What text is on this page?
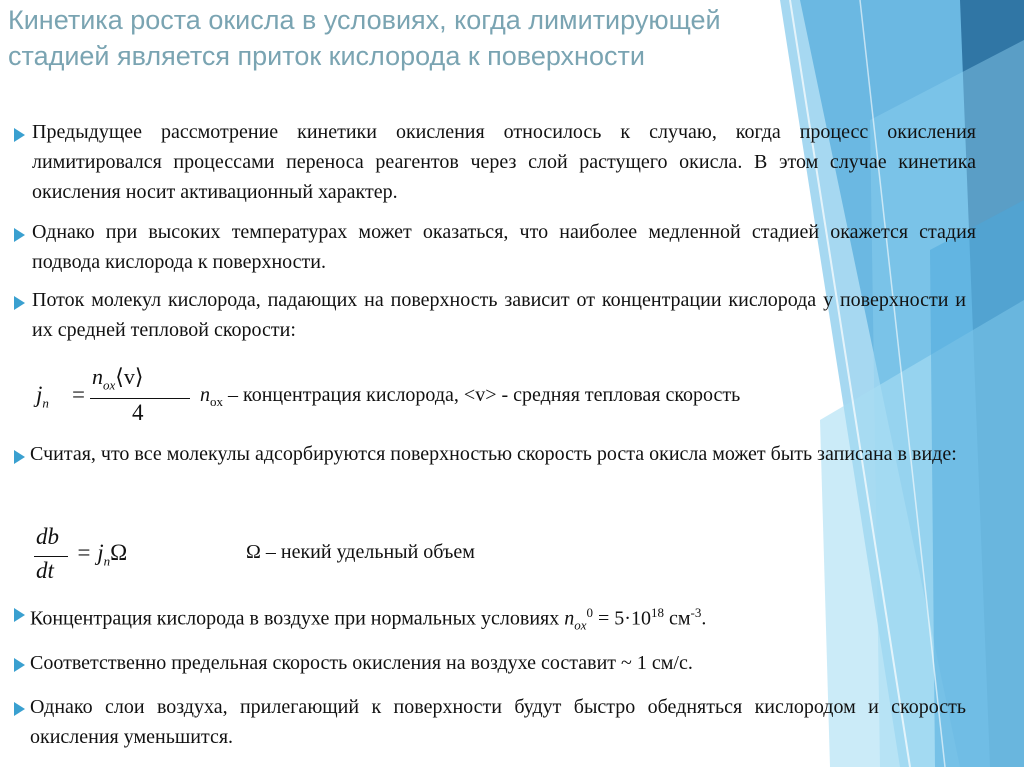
Кинетика роста окисла в условиях, когда лимитирующей стадией является приток кислорода к поверхности

Предыдущее рассмотрение кинетики окисления относилось к случаю, когда процесс окисления лимитировался процессами переноса реагентов через слой растущего окисла. В этом случае кинетика окисления носит активационный характер.

Однако при высоких температурах может оказаться, что наиболее медленной стадией окажется стадия подвода кислорода к поверхности.

Поток молекул кислорода, падающих на поверхность зависит от концентрации кислорода у поверхности и их средней тепловой скорости:

$j_n$ =
$n_{ox}⟨v⟩$
4
$n_{ox}$ – концентрация кислорода, <v> - средняя тепловая скорость

Считая, что все молекулы адсорбируются поверхностью скорость роста окисла может быть записана в виде:

db
dt
= $j_n\Omega$	Ω – некий удельный объем
Концентрация кислорода в воздухе при нормальных условиях $n_{ox}^0 = 5\cdot 10^{18}$ $см^{-3}$.

Соответственно предельная скорость окисления на воздухе составит ~ 1 см/с.

Однако слои воздуха, прилегающий к поверхности будут быстро обедняться кислородом и скорость окисления уменьшится.
